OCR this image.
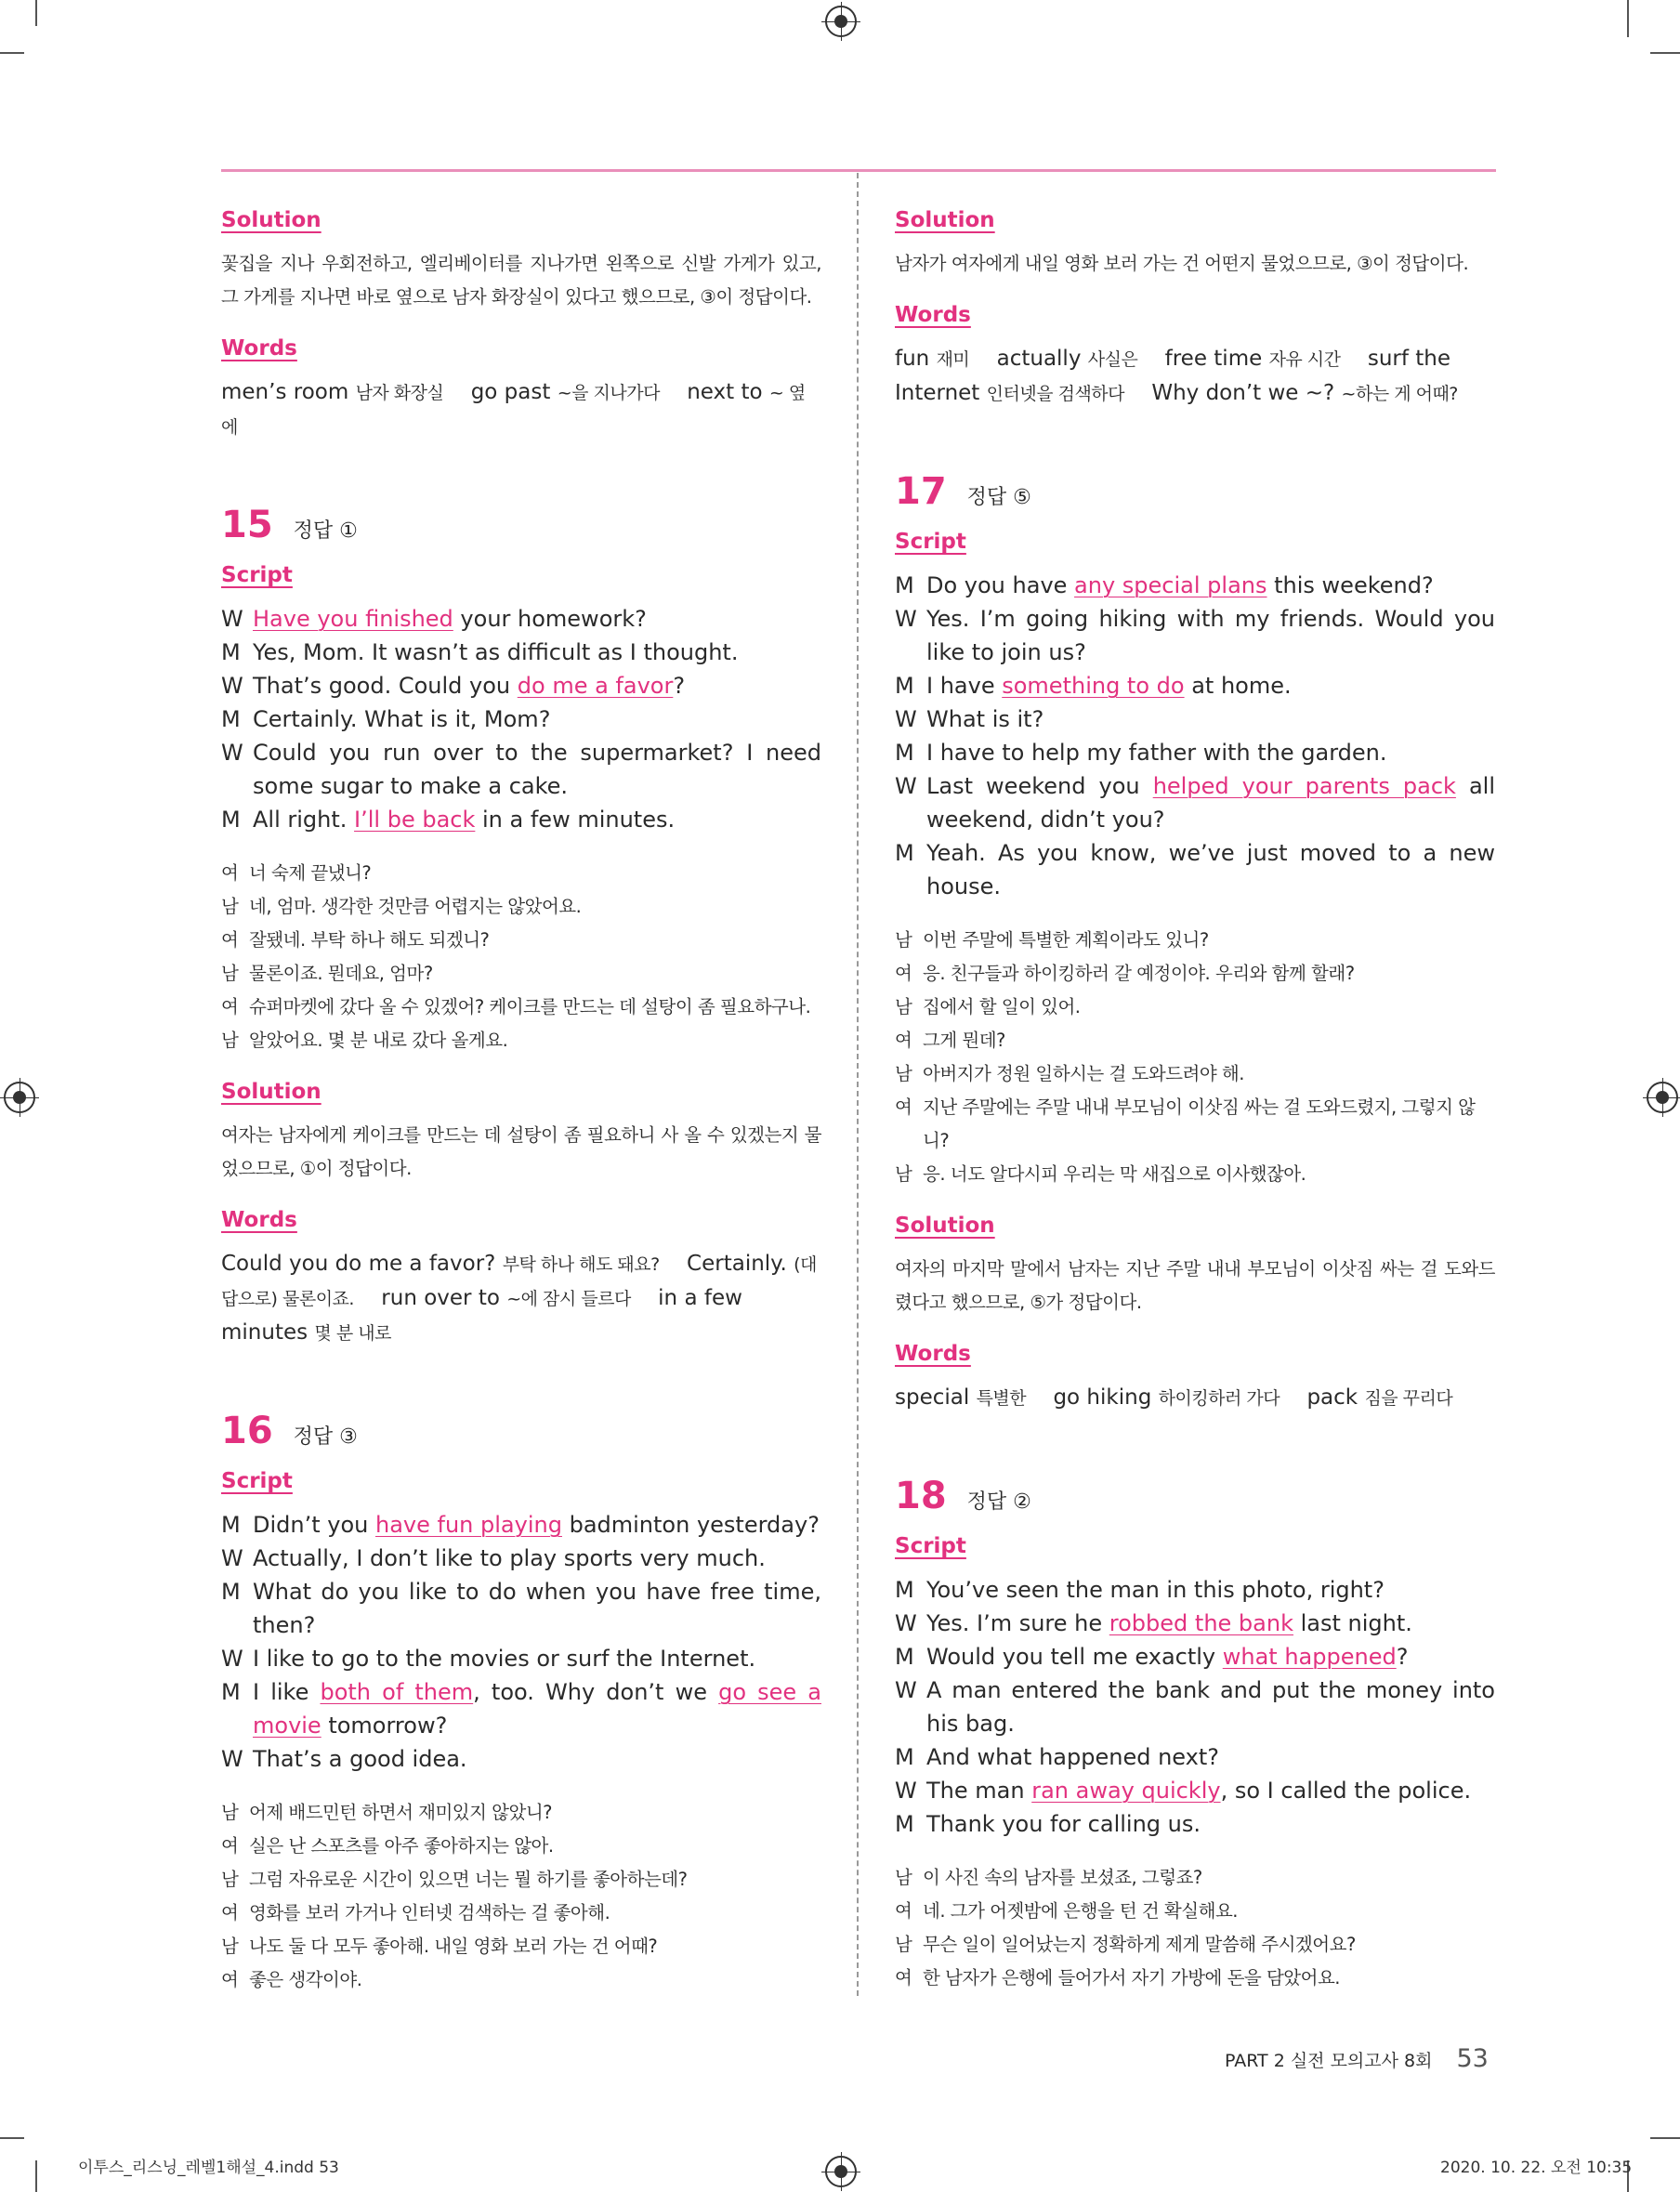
Solution

꽃집을 지나 우회전하고, 엘리베이터를 지나가면 왼쪽으로 신발 가게가 있고, 그 가게를 지나면 바로 옆으로 남자 화장실이 있다고 했으므로, ③이 정답이다.

Words

men’s room 남자 화장실 go past ~을 지나가다 next to ~ 옆에

15 정답 ①
Script
W Have you finished your homework?
M Yes, Mom. It wasn’t as difficult as I thought.
W That’s good. Could you do me a favor?
M Certainly. What is it, Mom?
W Could you run over to the supermarket? I need some sugar to make a cake.
M All right. I’ll be back in a few minutes.
여 너 숙제 끝냈니?
남 네, 엄마. 생각한 것만큼 어렵지는 않았어요.
여 잘됐네. 부탁 하나 해도 되겠니?
남 물론이죠. 뭔데요, 엄마?
여 슈퍼마켓에 갔다 올 수 있겠어? 케이크를 만드는 데 설탕이 좀 필요하구나.
남 알았어요. 몇 분 내로 갔다 올게요.
Solution

여자는 남자에게 케이크를 만드는 데 설탕이 좀 필요하니 사 올 수 있겠는지 물었으므로, ①이 정답이다.

Words

Could you do me a favor? 부탁 하나 해도 돼요? Certainly. (대답으로) 물론이죠. run over to ~에 잠시 들르다 in a few minutes 몇 분 내로

16 정답 ③
Script
M Didn’t you have fun playing badminton yesterday?
W Actually, I don’t like to play sports very much.
M What do you like to do when you have free time, then?
W I like to go to the movies or surf the Internet.
M I like both of them, too. Why don’t we go see a movie tomorrow?
W That’s a good idea.
남 어제 배드민턴 하면서 재미있지 않았니?
여 실은 난 스포츠를 아주 좋아하지는 않아.
남 그럼 자유로운 시간이 있으면 너는 뭘 하기를 좋아하는데?
여 영화를 보러 가거나 인터넷 검색하는 걸 좋아해.
남 나도 둘 다 모두 좋아해. 내일 영화 보러 가는 건 어때?
여 좋은 생각이야.
Solution

남자가 여자에게 내일 영화 보러 가는 건 어떤지 물었으므로, ③이 정답이다.

Words

fun 재미 actually 사실은 free time 자유 시간 surf the Internet 인터넷을 검색하다 Why don’t we ~? ~하는 게 어때?

17 정답 ⑤
Script
M Do you have any special plans this weekend?
W Yes. I’m going hiking with my friends. Would you like to join us?
M I have something to do at home.
W What is it?
M I have to help my father with the garden.
W Last weekend you helped your parents pack all weekend, didn’t you?
M Yeah. As you know, we’ve just moved to a new house.
남 이번 주말에 특별한 계획이라도 있니?
여 응. 친구들과 하이킹하러 갈 예정이야. 우리와 함께 할래?
남 집에서 할 일이 있어.
여 그게 뭔데?
남 아버지가 정원 일하시는 걸 도와드려야 해.
여 지난 주말에는 주말 내내 부모님이 이삿짐 싸는 걸 도와드렸지, 그렇지 않니?
남 응. 너도 알다시피 우리는 막 새집으로 이사했잖아.
Solution

여자의 마지막 말에서 남자는 지난 주말 내내 부모님이 이삿짐 싸는 걸 도와드렸다고 했으므로, ⑤가 정답이다.

Words

special 특별한 go hiking 하이킹하러 가다 pack 짐을 꾸리다

18 정답 ②
Script
M You’ve seen the man in this photo, right?
W Yes. I’m sure he robbed the bank last night.
M Would you tell me exactly what happened?
W A man entered the bank and put the money into his bag.
M And what happened next?
W The man ran away quickly, so I called the police.
M Thank you for calling us.
남 이 사진 속의 남자를 보셨죠, 그렇죠?
여 네. 그가 어젯밤에 은행을 턴 건 확실해요.
남 무슨 일이 일어났는지 정확하게 제게 말씀해 주시겠어요?
여 한 남자가 은행에 들어가서 자기 가방에 돈을 담았어요.
PART 2 실전 모의고사 8회 53
이투스_리스닝_레벨1해설_4.indd 53	2020. 10. 22. 오전 10:35
